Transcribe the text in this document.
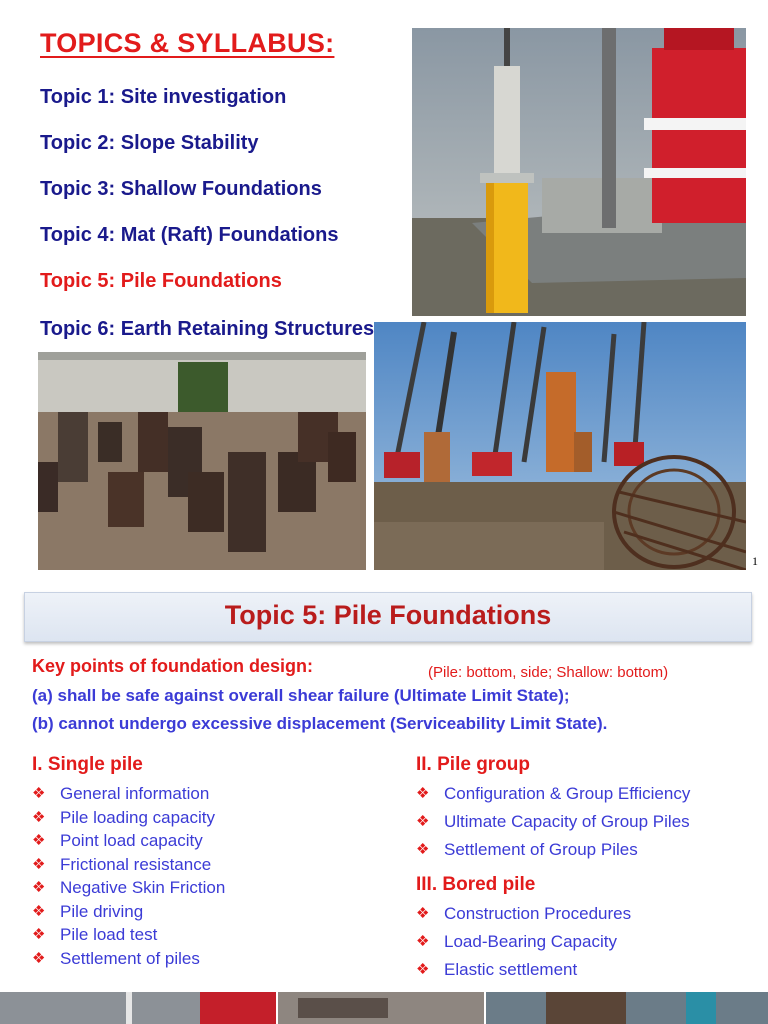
TOPICS & SYLLABUS:
Topic 1: Site investigation
Topic 2: Slope Stability
Topic 3: Shallow Foundations
Topic 4: Mat (Raft) Foundations
Topic 5: Pile Foundations
Topic 6: Earth Retaining Structures
1
Topic 5: Pile Foundations
Key points of foundation design:	(Pile: bottom, side; Shallow: bottom)
(a) shall be safe against overall shear failure (Ultimate Limit State);
(b) cannot undergo excessive displacement (Serviceability Limit State).
I. Single pile
❖ General information
❖ Pile loading capacity
❖ Point load capacity
❖ Frictional resistance
❖ Negative Skin Friction
❖ Pile driving
❖ Pile load test
❖ Settlement of piles
II. Pile group
❖ Configuration & Group Efficiency
❖ Ultimate Capacity of Group Piles
❖ Settlement of Group Piles
III. Bored pile
❖ Construction Procedures
❖ Load-Bearing Capacity
❖ Elastic settlement
